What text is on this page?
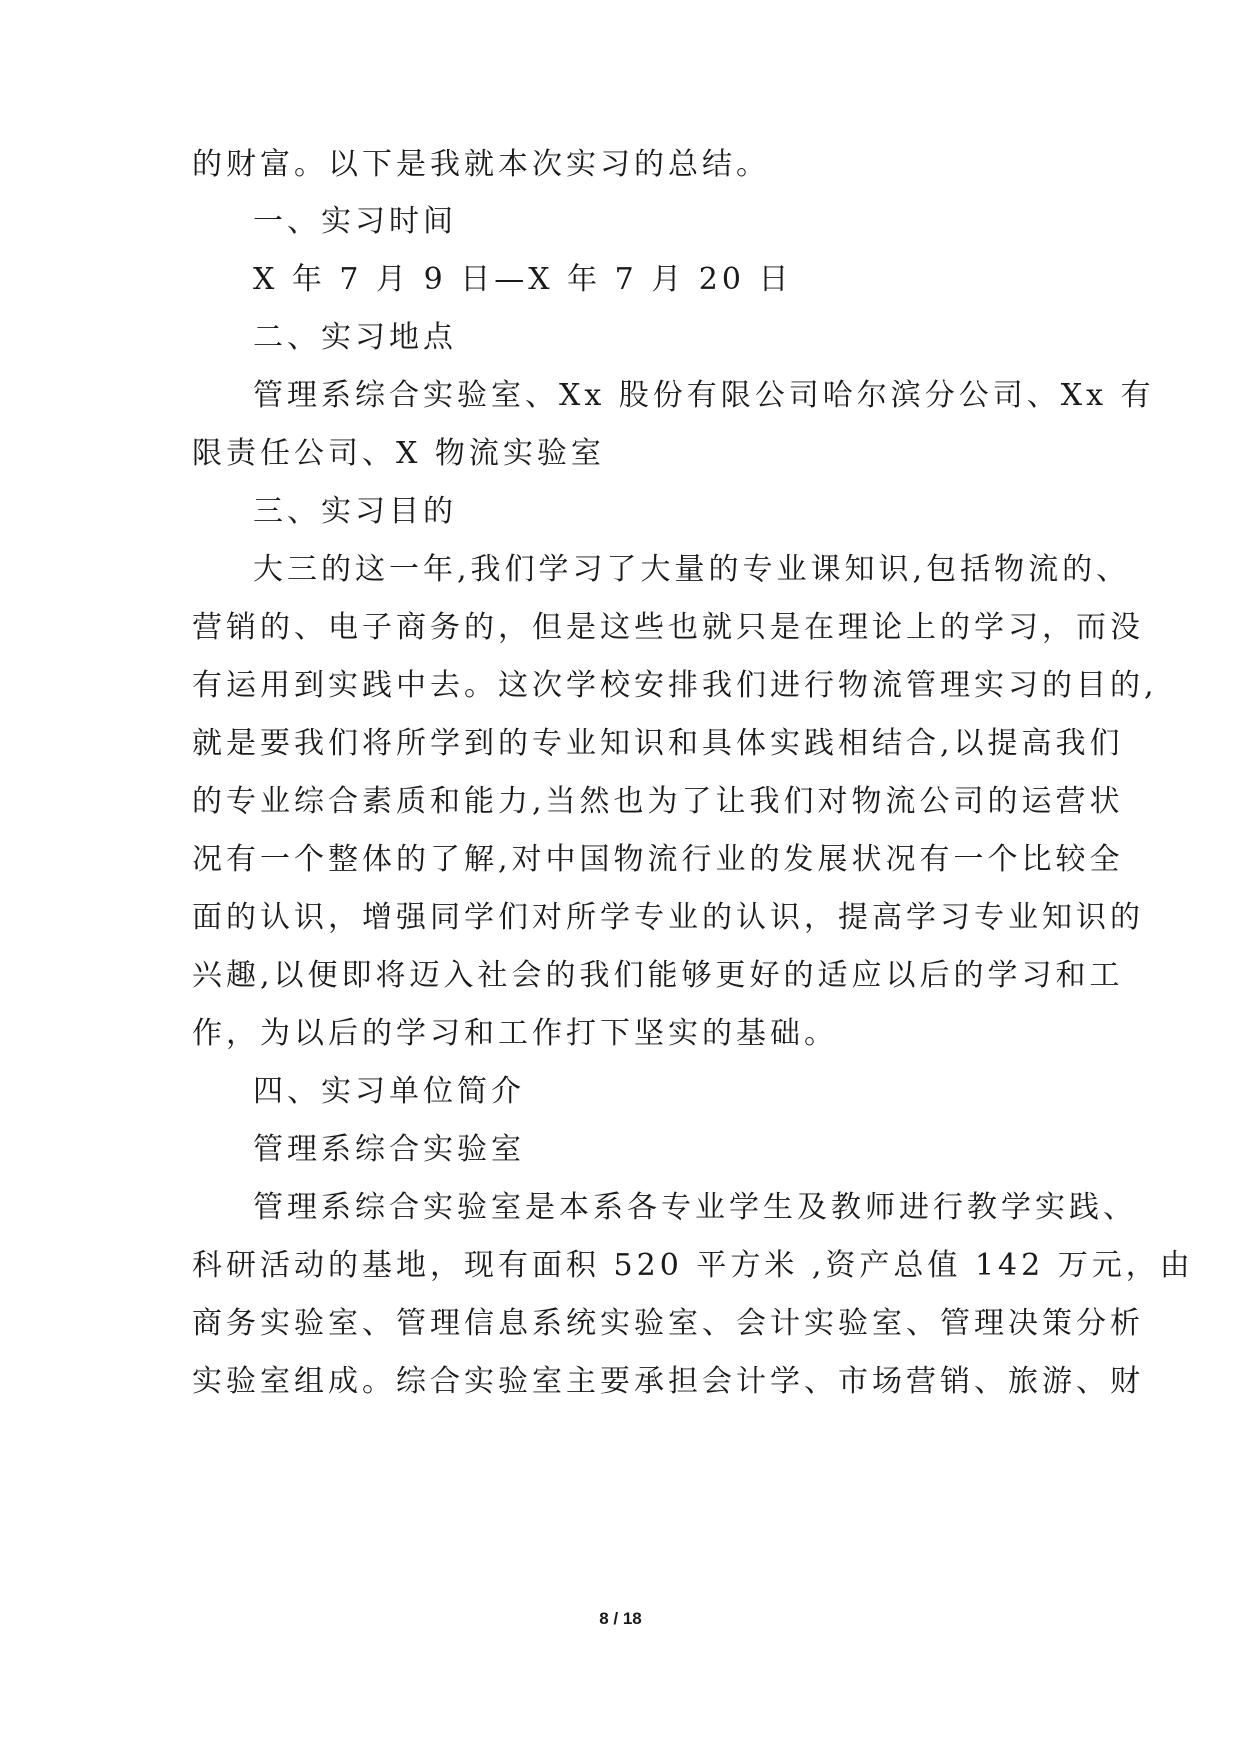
的财富。以下是我就本次实习的总结。
一、实习时间
X 年 7 月 9 日—X 年 7 月 20 日
二、实习地点
管理系综合实验室、Xx 股份有限公司哈尔滨分公司、Xx 有
限责任公司、X 物流实验室
三、实习目的
大三的这一年,我们学习了大量的专业课知识,包括物流的、
营销的、电子商务的，但是这些也就只是在理论上的学习，而没
有运用到实践中去。这次学校安排我们进行物流管理实习的目的,
就是要我们将所学到的专业知识和具体实践相结合,以提高我们
的专业综合素质和能力,当然也为了让我们对物流公司的运营状
况有一个整体的了解,对中国物流行业的发展状况有一个比较全
面的认识，增强同学们对所学专业的认识，提高学习专业知识的
兴趣,以便即将迈入社会的我们能够更好的适应以后的学习和工
作，为以后的学习和工作打下坚实的基础。
四、实习单位简介
管理系综合实验室
管理系综合实验室是本系各专业学生及教师进行教学实践、
科研活动的基地，现有面积 520 平方米 ,资产总值 142 万元，由
商务实验室、管理信息系统实验室、会计实验室、管理决策分析
实验室组成。综合实验室主要承担会计学、市场营销、旅游、财
8 / 18
